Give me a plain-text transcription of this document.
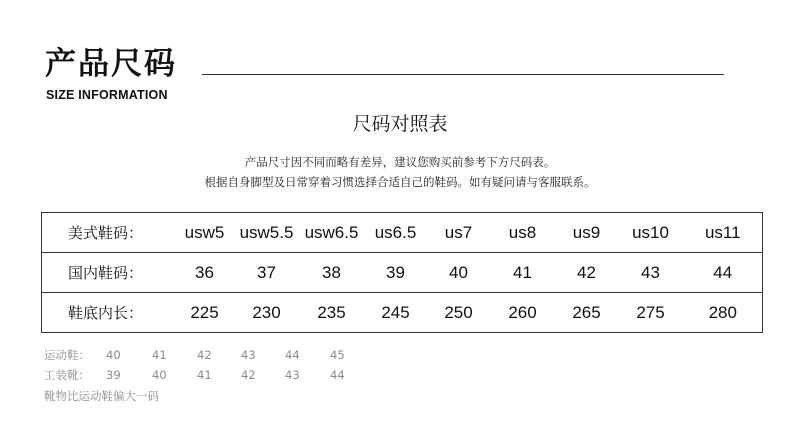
产品尺码
SIZE INFORMATION
尺码对照表
产品尺寸因不同而略有差异，建议您购买前参考下方尺码表。
根据自身脚型及日常穿着习惯选择合适自己的鞋码。如有疑问请与客服联系。
美式鞋码：	usw5	usw5.5	usw6.5	us6.5	us7	us8	us9	us10	us11
国内鞋码：	36	37	38	39	40	41	42	43	44
鞋底内长：	225	230	235	245	250	260	265	275	280
运动鞋： 40	41	42	43	44	45
工装靴： 39	40	41	42	43	44
靴物比运动鞋偏大一码
